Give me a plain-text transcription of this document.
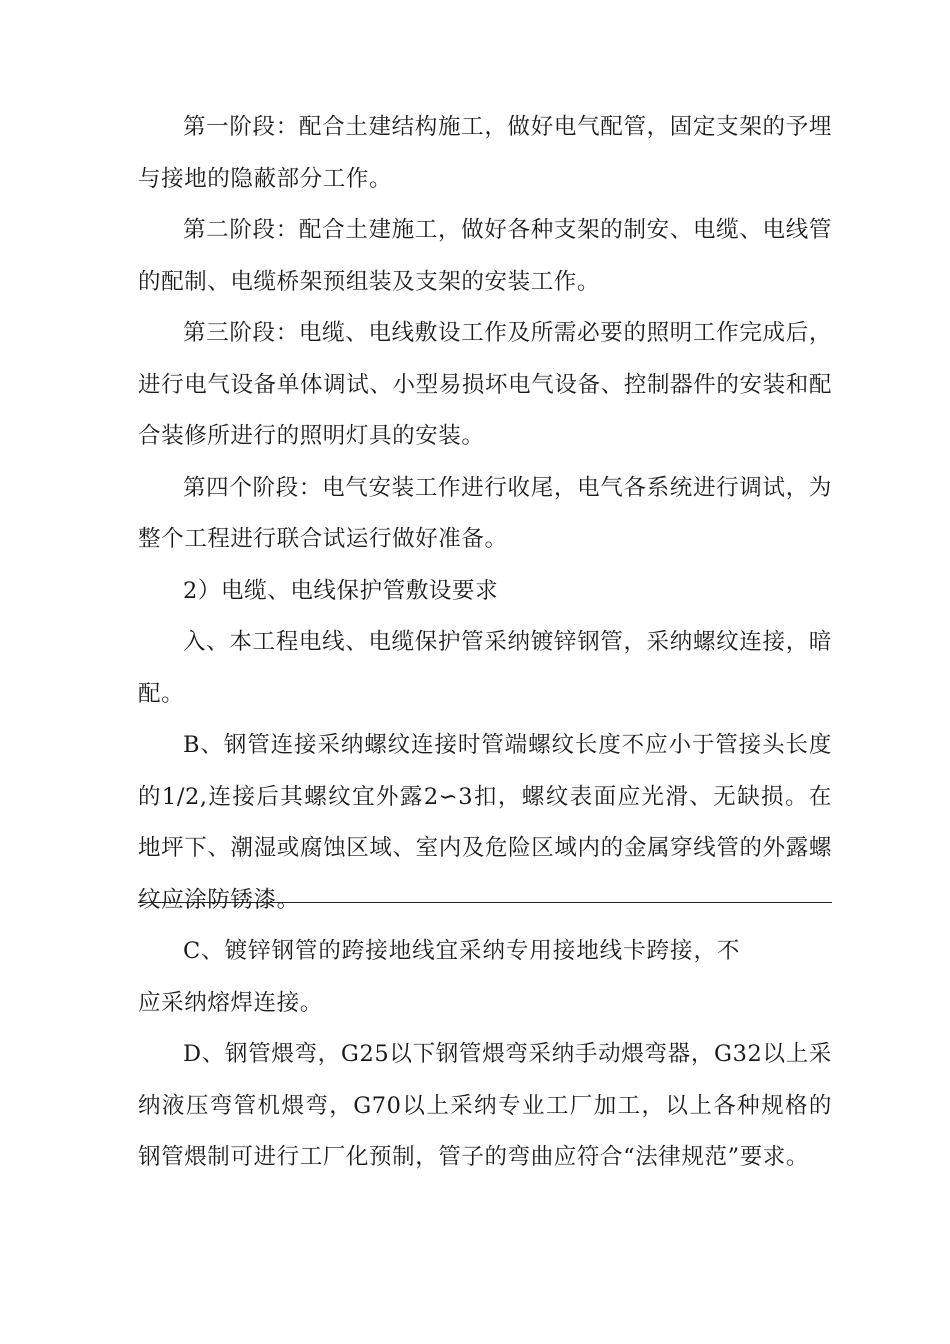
第一阶段：配合土建结构施工，做好电气配管，固定支架的予埋与接地的隐蔽部分工作。

第二阶段：配合土建施工，做好各种支架的制安、电缆、电线管的配制、电缆桥架预组装及支架的安装工作。

第三阶段：电缆、电线敷设工作及所需必要的照明工作完成后，进行电气设备单体调试、小型易损坏电气设备、控制器件的安装和配合装修所进行的照明灯具的安装。

第四个阶段：电气安装工作进行收尾，电气各系统进行调试，为整个工程进行联合试运行做好准备。

2）电缆、电线保护管敷设要求

入、本工程电线、电缆保护管采纳镀锌钢管，采纳螺纹连接，暗配。

B、钢管连接采纳螺纹连接时管端螺纹长度不应小于管接头长度的1/2,连接后其螺纹宜外露2∽3扣，螺纹表面应光滑、无缺损。在地坪下、潮湿或腐蚀区域、室内及危险区域内的金属穿线管的外露螺纹应涂防锈漆。

C、镀锌钢管的跨接地线宜采纳专用接地线卡跨接，不应采纳熔焊连接。

D、钢管煨弯，G25以下钢管煨弯采纳手动煨弯器，G32以上采纳液压弯管机煨弯，G70以上采纳专业工厂加工，以上各种规格的钢管煨制可进行工厂化预制，管子的弯曲应符合“法律规范”要求。
